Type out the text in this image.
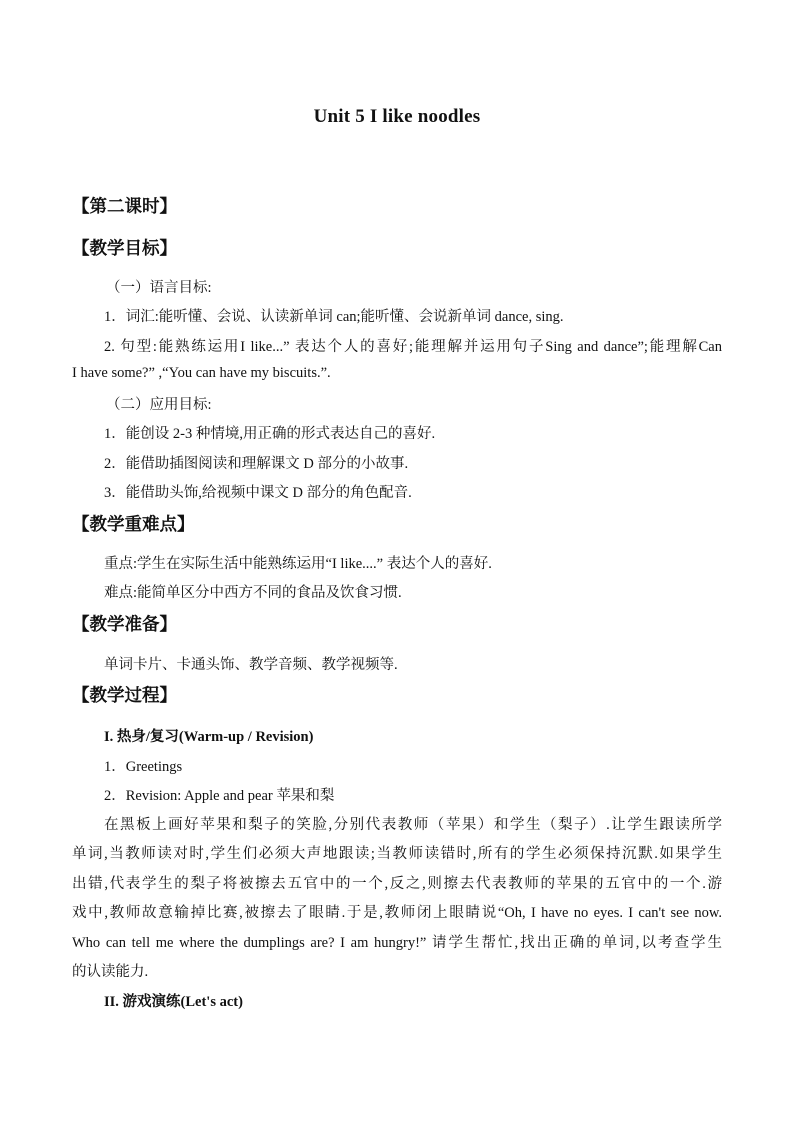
Unit 5 I like noodles
【第二课时】
【教学目标】
（一）语言目标:
1．词汇:能听懂、会说、认读新单词 can;能听懂、会说新单词 dance, sing.
2. 句型:能熟练运用I like...” 表达个人的喜好;能理解并运用句子Sing and dance”;能理解Can
I have some?” ,“You can have my biscuits.”.
（二）应用目标:
1．能创设 2-3 种情境,用正确的形式表达自己的喜好.
2．能借助插图阅读和理解课文 D 部分的小故事.
3．能借助头饰,给视频中课文 D 部分的角色配音.
【教学重难点】
重点:学生在实际生活中能熟练运用“I like....” 表达个人的喜好.
难点:能简单区分中西方不同的食品及饮食习惯.
【教学准备】
单词卡片、卡通头饰、教学音频、教学视频等.
【教学过程】
I. 热身/复习(Warm-up / Revision)
1．Greetings
2．Revision: Apple and pear 苹果和梨
在黑板上画好苹果和梨子的笑脸,分别代表教师（苹果）和学生（梨子）.让学生跟读所学
单词,当教师读对时,学生们必须大声地跟读;当教师读错时,所有的学生必须保持沉默.如果学生
出错,代表学生的梨子将被擦去五官中的一个,反之,则擦去代表教师的苹果的五官中的一个.游
戏中,教师故意输掉比赛,被擦去了眼睛.于是,教师闭上眼睛说“Oh, I have no eyes. I can't see now.
Who can tell me where the dumplings are? I am hungry!” 请学生帮忙,找出正确的单词,以考查学生
的认读能力.
II. 游戏演练(Let's act)
